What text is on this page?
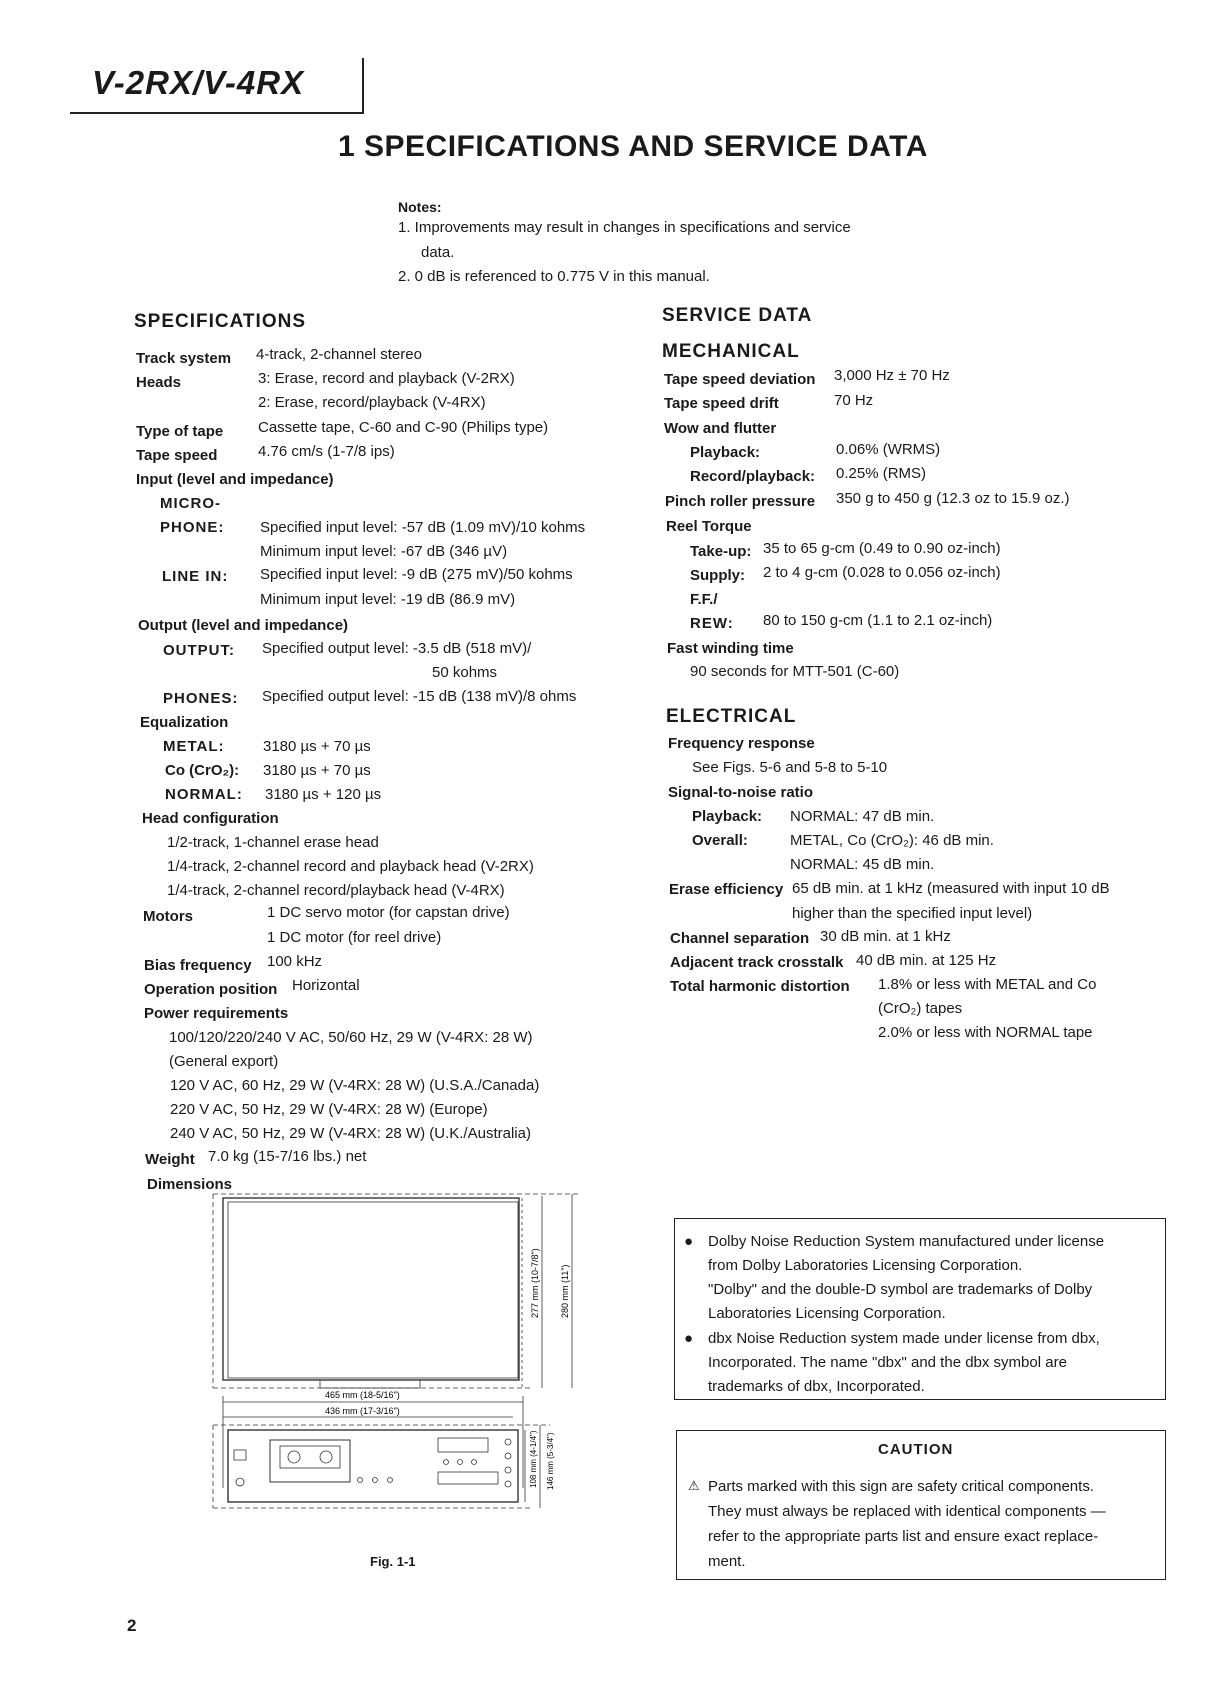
V-2RX/V-4RX
1 SPECIFICATIONS AND SERVICE DATA
Notes:
1. Improvements may result in changes in specifications and service
data.
2. 0 dB is referenced to 0.775 V in this manual.
SPECIFICATIONS
Track system 4-track, 2-channel stereo
Heads	3: Erase, record and playback (V-2RX)
2: Erase, record/playback (V-4RX)
Type of tape Cassette tape, C-60 and C-90 (Philips type)
Tape speed	4.76 cm/s (1-7/8 ips)
Input (level and impedance)
MICRO-
PHONE: Specified input level: -57 dB (1.09 mV)/10 kohms
Minimum input level: -67 dB (346 µV)
LINE IN: Specified input level: -9 dB (275 mV)/50 kohms
Minimum input level: -19 dB (86.9 mV)
Output (level and impedance)
OUTPUT: Specified output level: -3.5 dB (518 mV)/
50 kohms
PHONES: Specified output level: -15 dB (138 mV)/8 ohms
Equalization
METAL:	3180 µs + 70 µs
Co (CrO₂): 3180 µs + 70 µs
NORMAL: 3180 µs + 120 µs
Head configuration
1/2-track, 1-channel erase head
1/4-track, 2-channel record and playback head (V-2RX)
1/4-track, 2-channel record/playback head (V-4RX)
Motors	1 DC servo motor (for capstan drive)
1 DC motor (for reel drive)
Bias frequency 100 kHz
Operation position Horizontal
Power requirements
100/120/220/240 V AC, 50/60 Hz, 29 W (V-4RX: 28 W)
(General export)
120 V AC, 60 Hz, 29 W (V-4RX: 28 W) (U.S.A./Canada)
220 V AC, 50 Hz, 29 W (V-4RX: 28 W) (Europe)
240 V AC, 50 Hz, 29 W (V-4RX: 28 W) (U.K./Australia)
Weight 7.0 kg (15-7/16 lbs.) net
Dimensions
277 mm (10-7/8") 280 mm (11")
465 mm (18-5/16")
436 mm (17-3/16")
108 mm (4-1/4") 146 mm (5-3/4")
Fig. 1-1
SERVICE DATA
MECHANICAL
Tape speed deviation 3,000 Hz ± 70 Hz
Tape speed drift	70 Hz
Wow and flutter
Playback:	0.06% (WRMS)
Record/playback: 0.25% (RMS)
Pinch roller pressure 350 g to 450 g (12.3 oz to 15.9 oz.)
Reel Torque
Take-up: 35 to 65 g-cm (0.49 to 0.90 oz-inch)
Supply: 2 to 4 g-cm (0.028 to 0.056 oz-inch)
F.F./
REW: 80 to 150 g-cm (1.1 to 2.1 oz-inch)
Fast winding time
90 seconds for MTT-501 (C-60)
ELECTRICAL
Frequency response
See Figs. 5-6 and 5-8 to 5-10
Signal-to-noise ratio
Playback: NORMAL: 47 dB min.
Overall:	METAL, Co (CrO₂): 46 dB min.
NORMAL: 45 dB min.
Erase efficiency 65 dB min. at 1 kHz (measured with input 10 dB
higher than the specified input level)
Channel separation 30 dB min. at 1 kHz
Adjacent track crosstalk 40 dB min. at 125 Hz
Total harmonic distortion 1.8% or less with METAL and Co
(CrO₂) tapes
2.0% or less with NORMAL tape
● Dolby Noise Reduction System manufactured under license
from Dolby Laboratories Licensing Corporation.
"Dolby" and the double-D symbol are trademarks of Dolby
Laboratories Licensing Corporation.
● dbx Noise Reduction system made under license from dbx,
Incorporated. The name "dbx" and the dbx symbol are
trademarks of dbx, Incorporated.
CAUTION
⚠ Parts marked with this sign are safety critical components.
They must always be replaced with identical components —
refer to the appropriate parts list and ensure exact replace-
ment.
2
